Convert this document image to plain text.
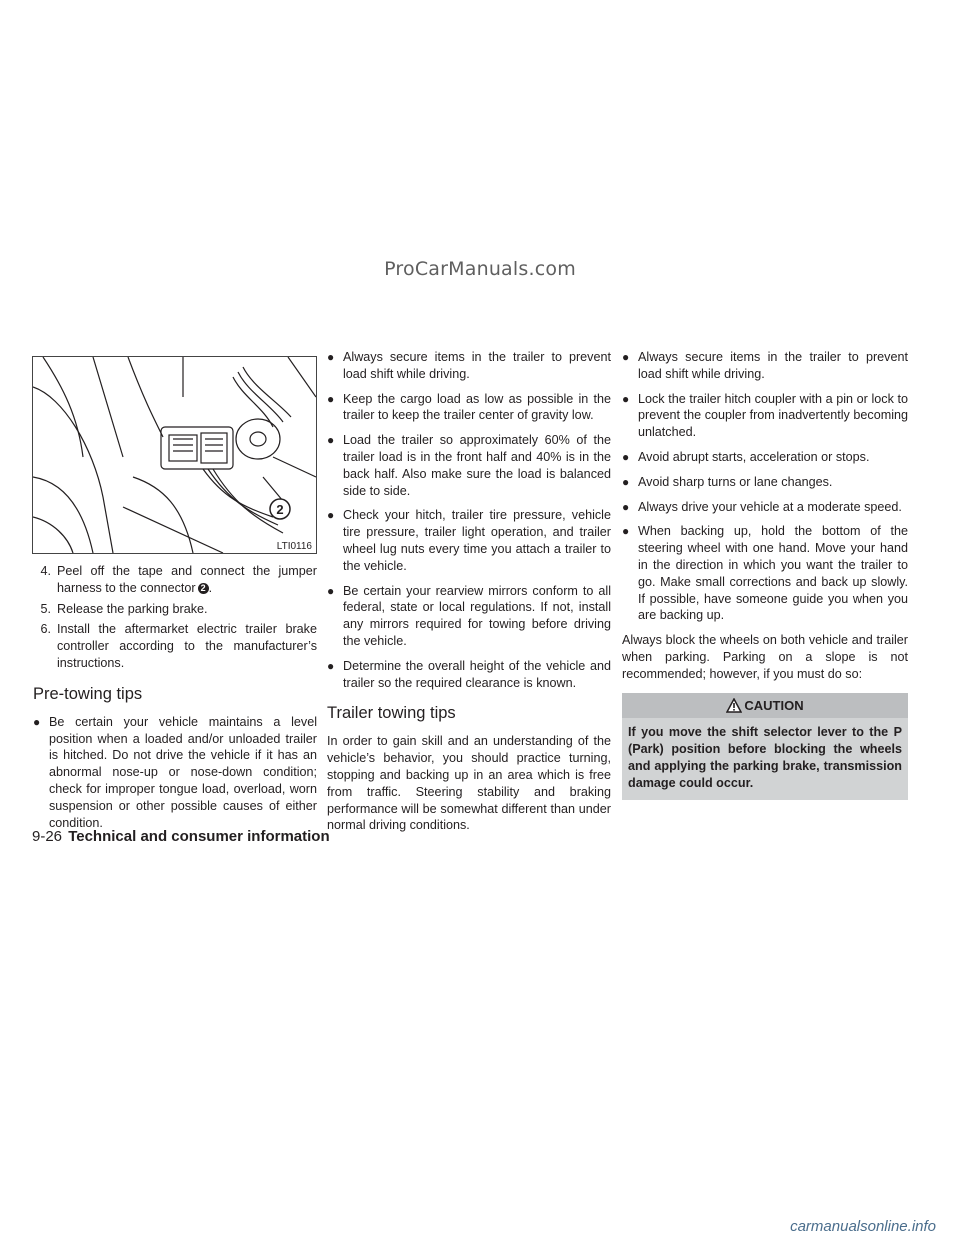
ProCarManuals.com
2
LTI0116
4. Peel off the tape and connect the jumper harness to the connector 2 .
5. Release the parking brake.
6. Install the aftermarket electric trailer brake controller according to the manufacturer’s instructions.
Pre-towing tips
● Be certain your vehicle maintains a level position when a loaded and/or unloaded trailer is hitched. Do not drive the vehicle if it has an abnormal nose-up or nose-down condition; check for improper tongue load, overload, worn suspension or other possible causes of either condition.
● Always secure items in the trailer to prevent load shift while driving.
● Keep the cargo load as low as possible in the trailer to keep the trailer center of gravity low.
● Load the trailer so approximately 60% of the trailer load is in the front half and 40% is in the back half. Also make sure the load is balanced side to side.
● Check your hitch, trailer tire pressure, vehicle tire pressure, trailer light operation, and trailer wheel lug nuts every time you attach a trailer to the vehicle.
● Be certain your rearview mirrors conform to all federal, state or local regulations. If not, install any mirrors required for towing before driving the vehicle.
● Determine the overall height of the vehicle and trailer so the required clearance is known.
Trailer towing tips

In order to gain skill and an understanding of the vehicle’s behavior, you should practice turning, stopping and backing up in an area which is free from traffic. Steering stability and braking performance will be somewhat different than under normal driving conditions.

● Always secure items in the trailer to prevent load shift while driving.
● Lock the trailer hitch coupler with a pin or lock to prevent the coupler from inadvertently becoming unlatched.
● Avoid abrupt starts, acceleration or stops.
● Avoid sharp turns or lane changes.
● Always drive your vehicle at a moderate speed.
● When backing up, hold the bottom of the steering wheel with one hand. Move your hand in the direction in which you want the trailer to go. Make small corrections and back up slowly. If possible, have someone guide you when you are backing up.

Always block the wheels on both vehicle and trailer when parking. Parking on a slope is not recommended; however, if you must do so:

CAUTION
If you move the shift selector lever to the P (Park) position before blocking the wheels and applying the parking brake, transmission damage could occur.
9-26 Technical and consumer information
carmanualsonline.info
